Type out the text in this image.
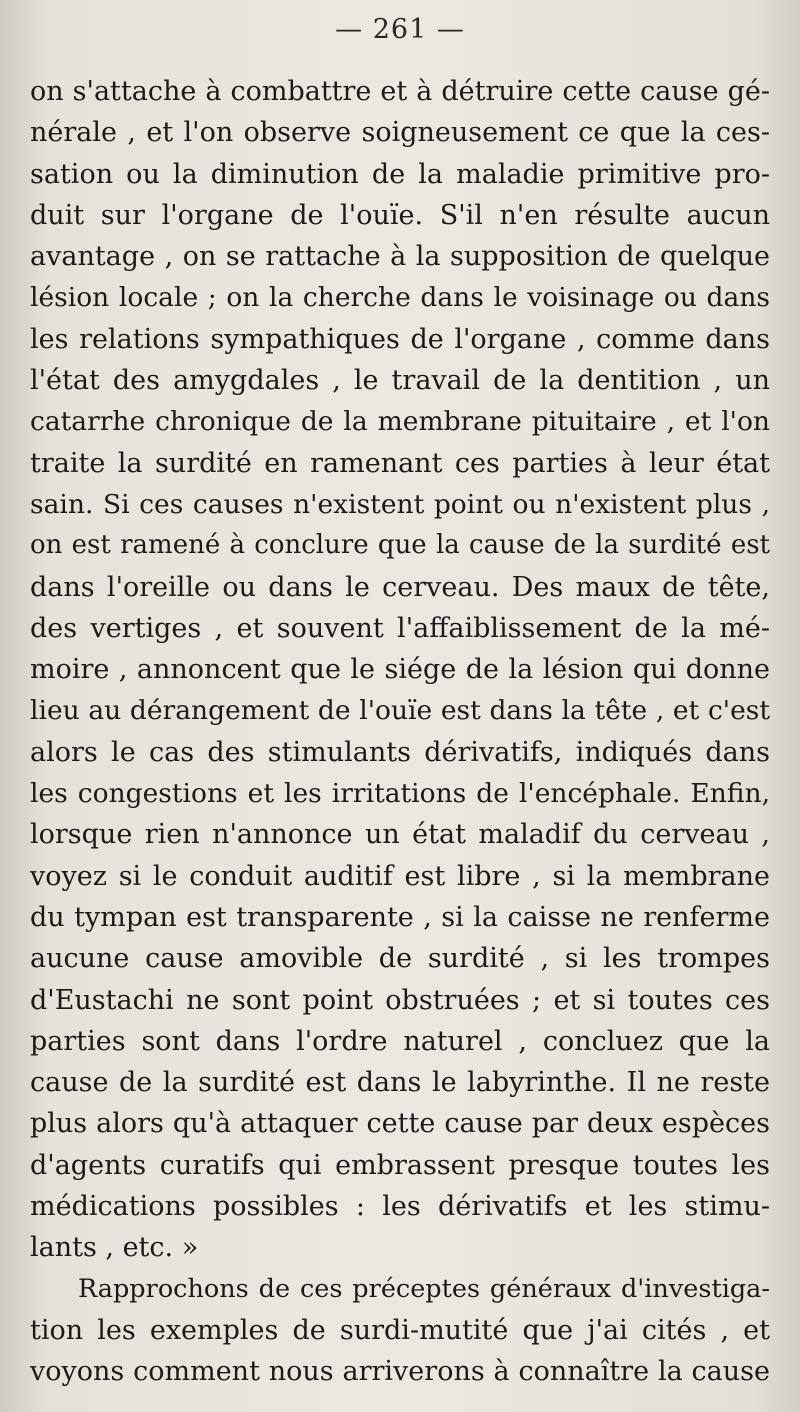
— 261 —
on s'attache à combattre et à détruire cette cause gé-
nérale , et l'on observe soigneusement ce que la ces-
sation ou la diminution de la maladie primitive pro-
duit sur l'organe de l'ouïe. S'il n'en résulte aucun
avantage , on se rattache à la supposition de quelque
lésion locale ; on la cherche dans le voisinage ou dans
les relations sympathiques de l'organe , comme dans
l'état des amygdales , le travail de la dentition , un
catarrhe chronique de la membrane pituitaire , et l'on
traite la surdité en ramenant ces parties à leur état
sain. Si ces causes n'existent point ou n'existent plus ,
on est ramené à conclure que la cause de la surdité est
dans l'oreille ou dans le cerveau. Des maux de tête,
des vertiges , et souvent l'affaiblissement de la mé-
moire , annoncent que le siége de la lésion qui donne
lieu au dérangement de l'ouïe est dans la tête , et c'est
alors le cas des stimulants dérivatifs, indiqués dans
les congestions et les irritations de l'encéphale. Enfin,
lorsque rien n'annonce un état maladif du cerveau ,
voyez si le conduit auditif est libre , si la membrane
du tympan est transparente , si la caisse ne renferme
aucune cause amovible de surdité , si les trompes
d'Eustachi ne sont point obstruées ; et si toutes ces
parties sont dans l'ordre naturel , concluez que la
cause de la surdité est dans le labyrinthe. Il ne reste
plus alors qu'à attaquer cette cause par deux espèces
d'agents curatifs qui embrassent presque toutes les
médications possibles : les dérivatifs et les stimu-
lants , etc. »
Rapprochons de ces préceptes généraux d'investiga-
tion les exemples de surdi-mutité que j'ai cités , et
voyons comment nous arriverons à connaître la cause
